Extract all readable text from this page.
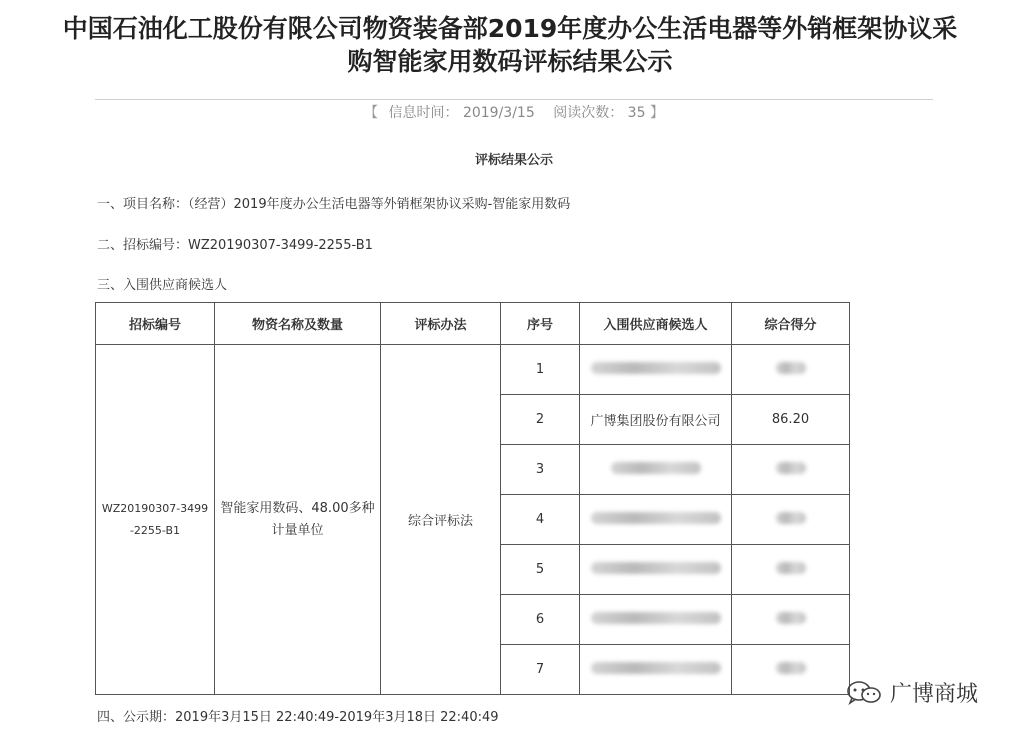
中国石油化工股份有限公司物资装备部2019年度办公生活电器等外销框架协议采购智能家用数码评标结果公示
【 信息时间： 2019/3/15 阅读次数： 35 】
评标结果公示
一、项目名称：（经营）2019年度办公生活电器等外销框架协议采购-智能家用数码
二、招标编号：WZ20190307-3499-2255-B1
三、入围供应商候选人
招标编号	物资名称及数量	评标办法	序号	入围供应商候选人	综合得分
WZ20190307-3499-2255-B1	智能家用数码、48.00多种计量单位	综合评标法	1		
			2	广博集团股份有限公司	86.20
			3		
			4		
			5		
			6		
			7		
四、公示期：2019年3月15日 22:40:49-2019年3月18日 22:40:49
广博商城
